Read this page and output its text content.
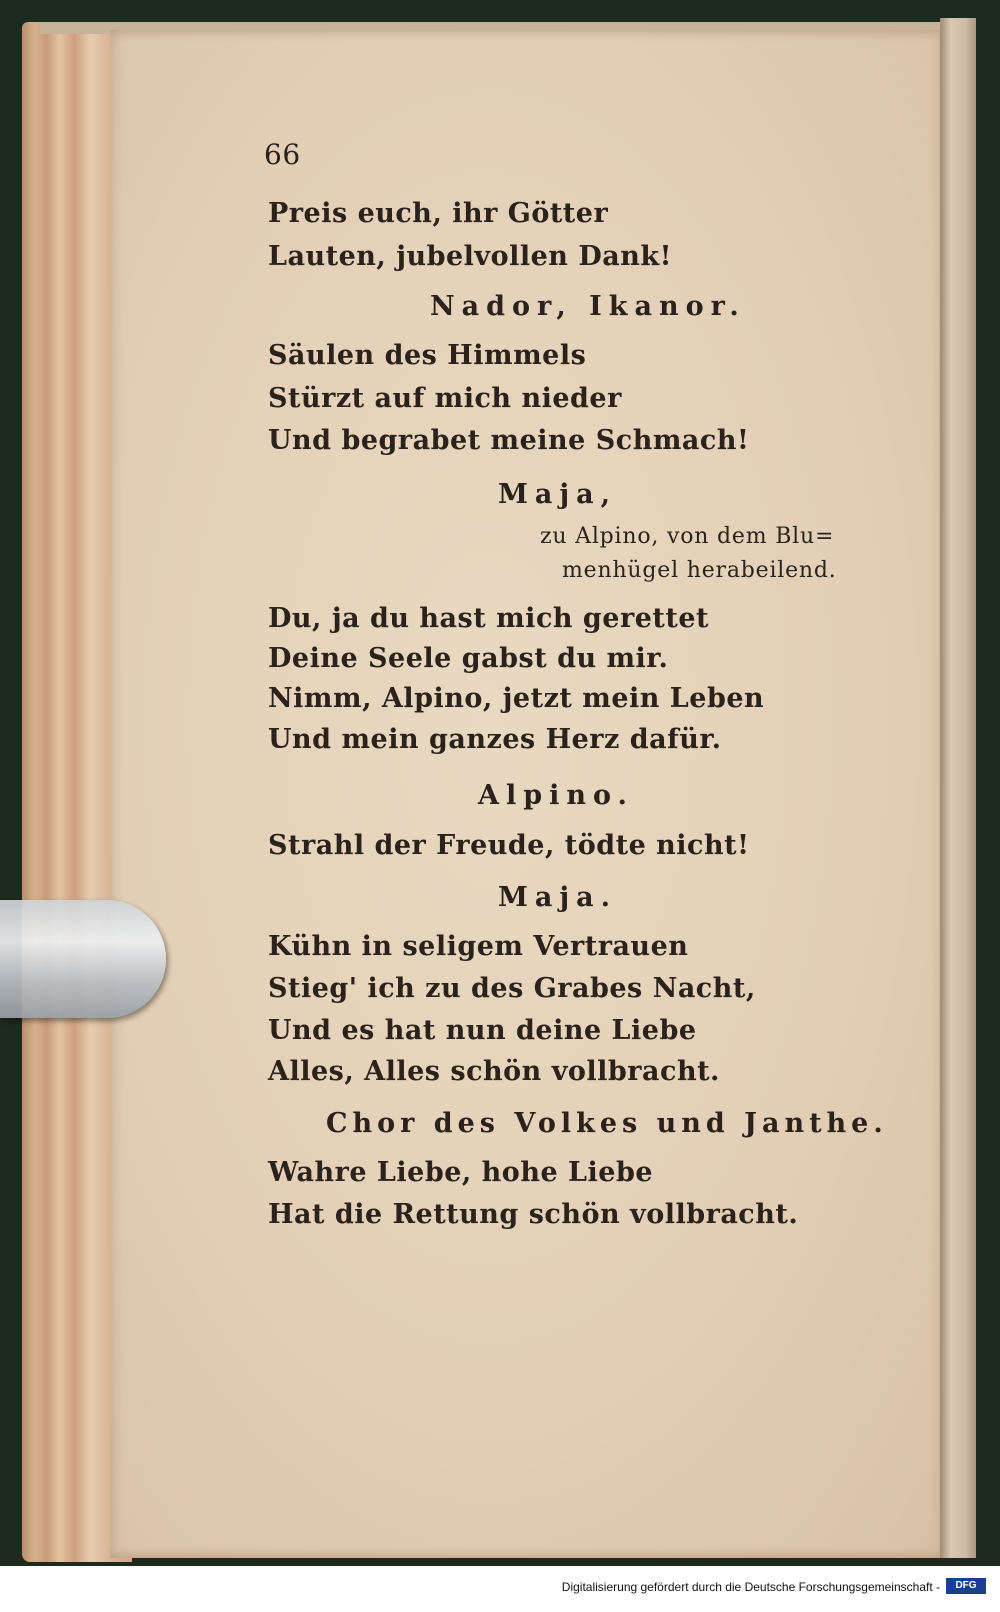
66
Preis euch, ihr Götter
Lauten, jubelvollen Dank!
Nador, Ikanor.
Säulen des Himmels
Stürzt auf mich nieder
Und begrabet meine Schmach!
Maja,
zu Alpino, von dem Blu=
menhügel herabeilend.
Du, ja du hast mich gerettet
Deine Seele gabst du mir.
Nimm, Alpino, jetzt mein Leben
Und mein ganzes Herz dafür.
Alpino.
Strahl der Freude, tödte nicht!
Maja.
Kühn in seligem Vertrauen
Stieg' ich zu des Grabes Nacht,
Und es hat nun deine Liebe
Alles, Alles schön vollbracht.
Chor des Volkes und Janthe.
Wahre Liebe, hohe Liebe
Hat die Rettung schön vollbracht.
Digitalisierung gefördert durch die Deutsche Forschungsgemeinschaft -	DFG
